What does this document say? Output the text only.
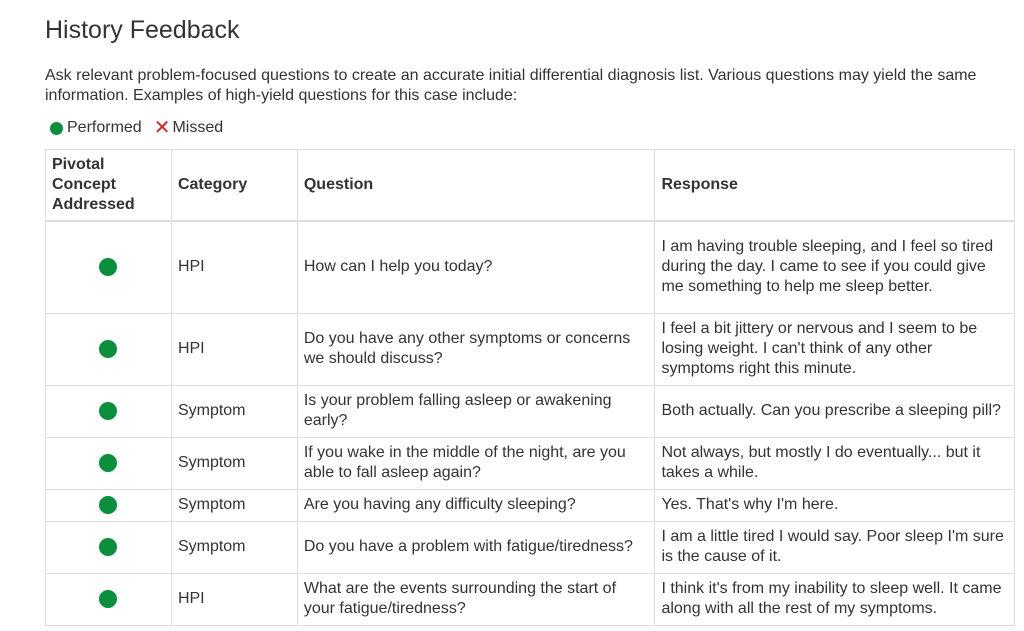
History Feedback

Ask relevant problem-focused questions to create an accurate initial differential diagnosis list. Various questions may yield the same information. Examples of high-yield questions for this case include:

Performed ✕ Missed
Pivotal Concept Addressed	Category	Question	Response
	HPI	How can I help you today?	I am having trouble sleeping, and I feel so tired during the day. I came to see if you could give me something to help me sleep better.
	HPI	Do you have any other symptoms or concerns we should discuss?	I feel a bit jittery or nervous and I seem to be losing weight. I can't think of any other symptoms right this minute.
	Symptom	Is your problem falling asleep or awakening early?	Both actually. Can you prescribe a sleeping pill?
	Symptom	If you wake in the middle of the night, are you able to fall asleep again?	Not always, but mostly I do eventually... but it takes a while.
	Symptom	Are you having any difficulty sleeping?	Yes. That's why I'm here.
	Symptom	Do you have a problem with fatigue/tiredness?	I am a little tired I would say. Poor sleep I'm sure is the cause of it.
	HPI	What are the events surrounding the start of your fatigue/tiredness?	I think it's from my inability to sleep well. It came along with all the rest of my symptoms.
